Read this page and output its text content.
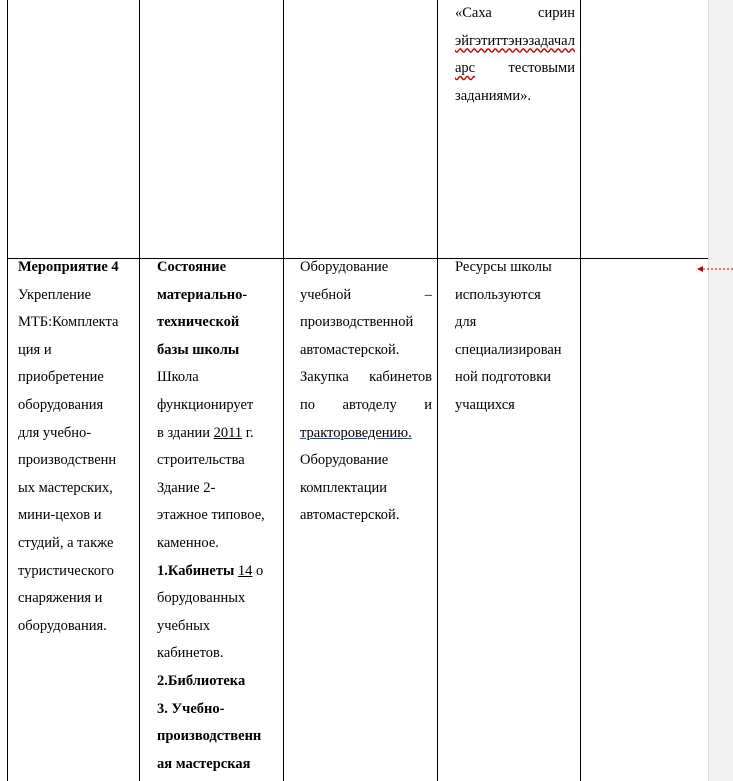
«Саха	сирин

эйгэтиттэнэзадачал

арс тестовыми

заданиями».

Мероприятие 4

Укрепление

МТБ:Комплекта

ция и

приобретение

оборудования

для учебно-

производственн

ых мастерских,

мини-цехов и

студий, а также

туристического

снаряжения и

оборудования.

Состояние

материально-

технической

базы школы

Школа

функционирует

в здании 2011 г.

строительства

Здание 2-

этажное типовое,

каменное.

1.Кабинеты 14 о

борудованных

учебных

кабинетов.

2.Библиотека

3. Учебно-

производственн

ая мастерская

Оборудование

учебной	–

производственной

автомастерской.

Закупка кабинетов

по автоделу и

трактороведению.

Оборудование

комплектации

автомастерской.

Ресурсы школы

используются

для

специализирован

ной подготовки

учащихся
